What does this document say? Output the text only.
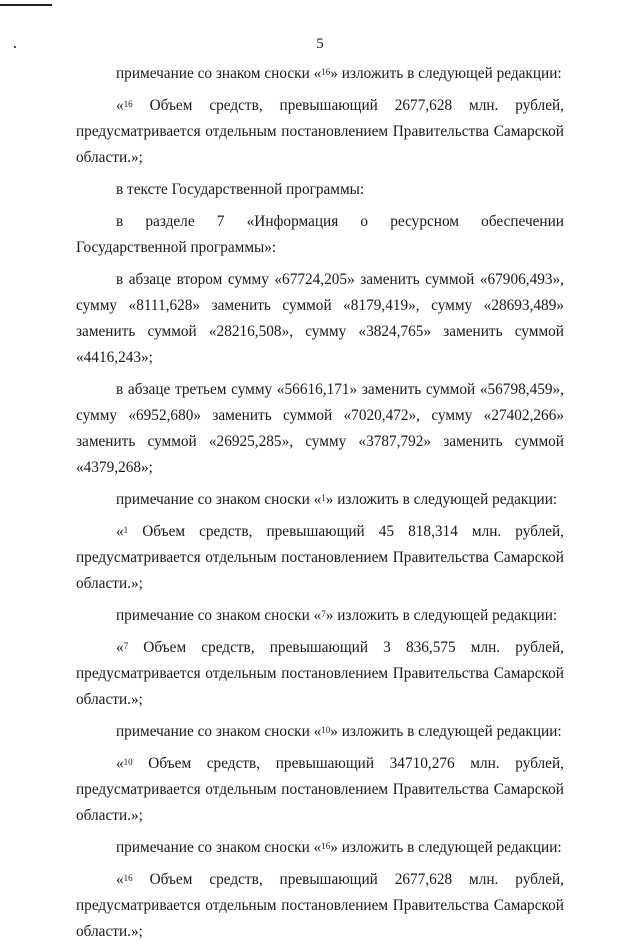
5

примечание со знаком сноски «$^{16}$» изложить в следующей редакции:

«$^{16}$ Объем средств, превышающий 2677,628 млн. рублей, предусматривается отдельным постановлением Правительства Самарской области.»;

в тексте Государственной программы:

в разделе 7 «Информация о ресурсном обеспечении Государственной программы»:

в абзаце втором сумму «67724,205» заменить суммой «67906,493», сумму «8111,628» заменить суммой «8179,419», сумму «28693,489» заменить суммой «28216,508», сумму «3824,765» заменить суммой «4416,243»;

в абзаце третьем сумму «56616,171» заменить суммой «56798,459», сумму «6952,680» заменить суммой «7020,472», сумму «27402,266» заменить суммой «26925,285», сумму «3787,792» заменить суммой «4379,268»;

примечание со знаком сноски «$^1$» изложить в следующей редакции:

«$^1$ Объем средств, превышающий 45 818,314 млн. рублей, предусматривается отдельным постановлением Правительства Самарской области.»;

примечание со знаком сноски «$^7$» изложить в следующей редакции:

«$^7$ Объем средств, превышающий 3 836,575 млн. рублей, предусматривается отдельным постановлением Правительства Самарской области.»;

примечание со знаком сноски «$^{10}$» изложить в следующей редакции:

«$^{10}$ Объем средств, превышающий 34710,276 млн. рублей, предусматривается отдельным постановлением Правительства Самарской области.»;

примечание со знаком сноски «$^{16}$» изложить в следующей редакции:

«$^{16}$ Объем средств, превышающий 2677,628 млн. рублей, предусматривается отдельным постановлением Правительства Самарской области.»;
